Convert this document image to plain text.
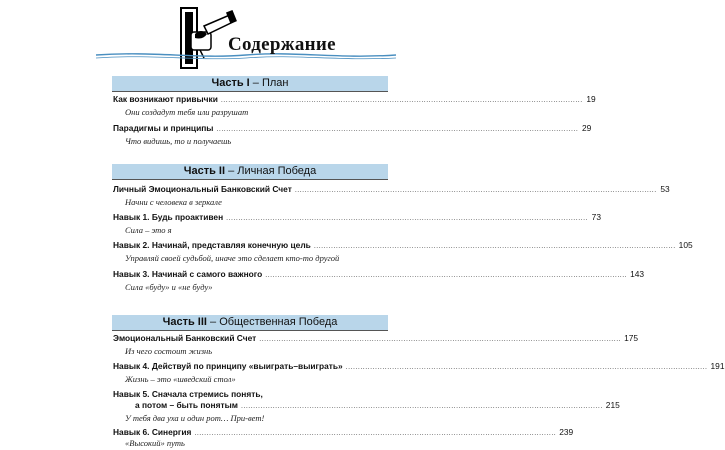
Содержание
Часть I – План
Как возникают привычки .................................................................................................................................................... 19
Они создадут тебя или разрушат
Парадигмы и принципы .................................................................................................................................................... 29
Что видишь, то и получаешь
Часть II – Личная Победа
Личный Эмоциональный Банковский Счет .................................................................................................................................................... 53
Начни с человека в зеркале
Навык 1. Будь проактивен .................................................................................................................................................... 73
Сила – это я
Навык 2. Начинай, представляя конечную цель .................................................................................................................................................... 105
Управляй своей судьбой, иначе это сделает кто-то другой
Навык 3. Начинай с самого важного .................................................................................................................................................... 143
Сила «буду» и «не буду»
Часть III – Общественная Победа
Эмоциональный Банковский Счет .................................................................................................................................................... 175
Из чего состоит жизнь
Навык 4. Действуй по принципу «выиграть–выиграть» .................................................................................................................................................... 191
Жизнь – это «шведский стол»
Навык 5. Сначала стремись понять,
а потом – быть понятым .................................................................................................................................................... 215
У тебя два уха и один рот… При-вет!
Навык 6. Синергия .................................................................................................................................................... 239
«Высокий» путь
